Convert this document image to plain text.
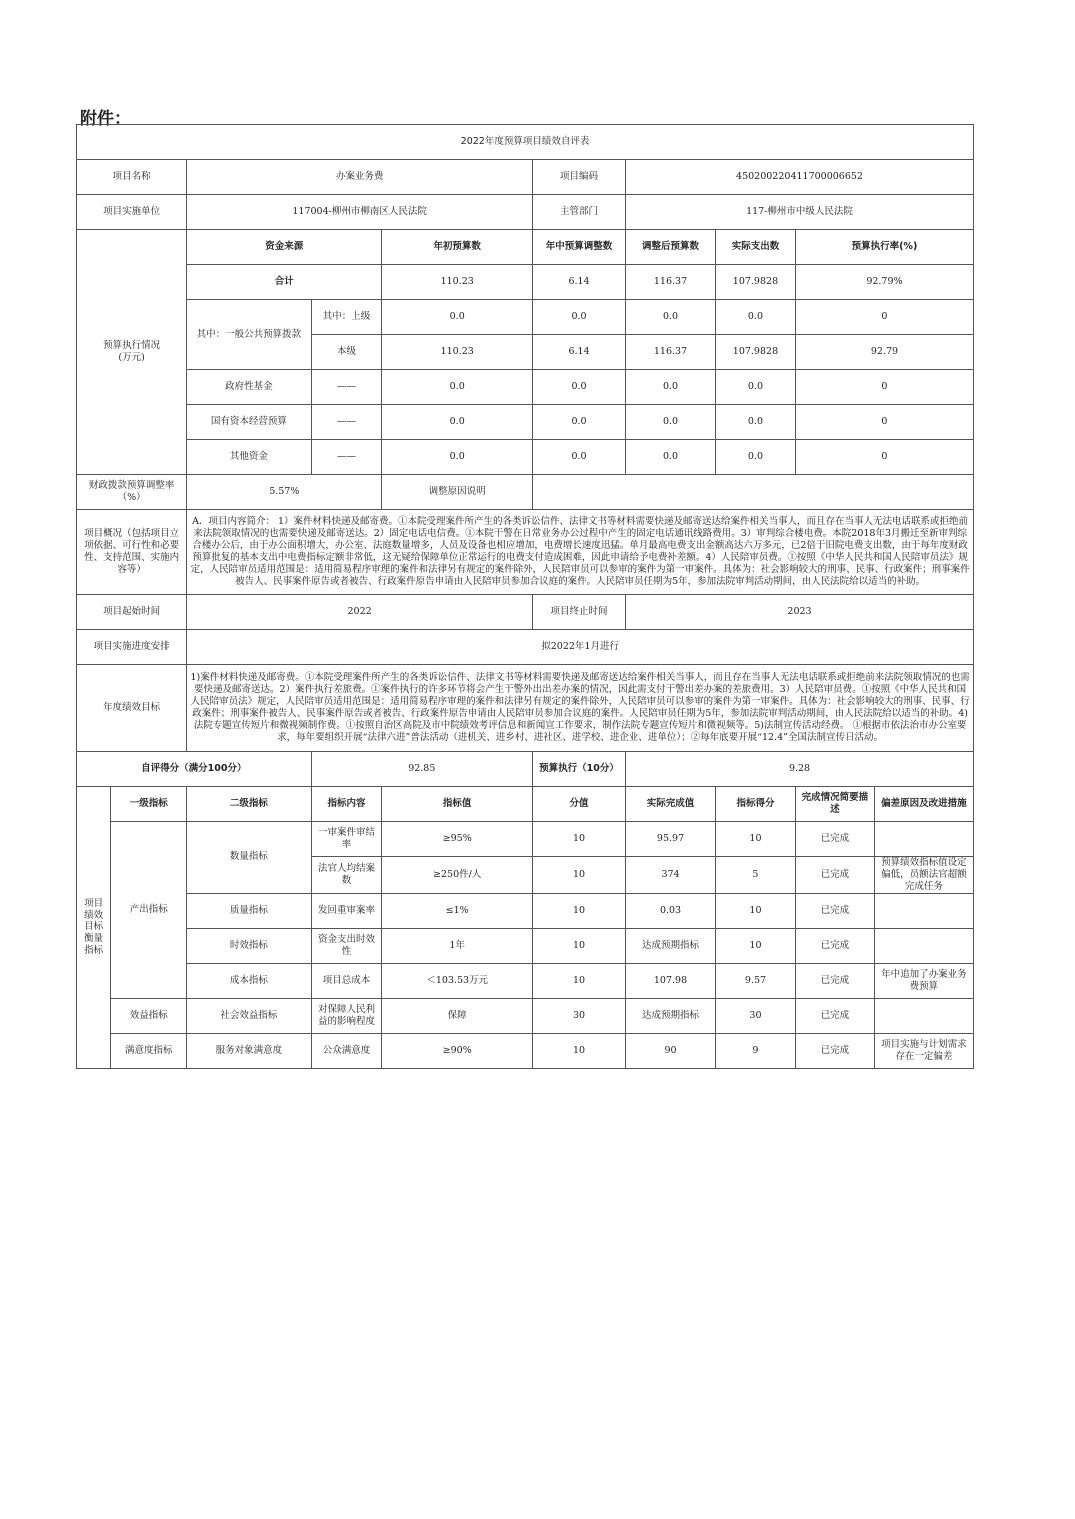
附件：
2022年度预算项目绩效自评表									
项目名称		办案业务费			项目编码	450200220411700006652			
项目实施单位		117004-柳州市柳南区人民法院			主管部门	117-柳州市中级人民法院			
预算执行情况
(万元)		资金来源		年初预算数	年中预算调整数	调整后预算数	实际支出数	预算执行率(%)	
		合计		110.23	6.14	116.37	107.9828	92.79%	
		其中：一般公共预算拨款	其中：上级	0.0	0.0	0.0	0.0	0	
			本级	110.23	6.14	116.37	107.9828	92.79	
		政府性基金	——	0.0	0.0	0.0	0.0	0	
		国有资本经营预算	——	0.0	0.0	0.0	0.0	0	
		其他资金	——	0.0	0.0	0.0	0.0	0	
财政拨款预算调整率（%）		5.57%		调整原因说明					
项目概况（包括项目立项依据、可行性和必要性、支持范围、实施内容等）		A．项目内容简介： 1）案件材料快递及邮寄费。①本院受理案件所产生的各类诉讼信件、法律文书等材料需要快递及邮寄送达给案件相关当事人，而且存在当事人无法电话联系或拒绝前来法院领取情况的也需要快递及邮寄送达。2）固定电话电信费。①本院干警在日常业务办公过程中产生的固定电话通讯线路费用。3）审判综合楼电费。本院2018年3月搬迁至新审判综合楼办公后，由于办公面积增大，办公室、法庭数量增多，人员及设备也相应增加，电费增长速度迅猛。单月最高电费支出金额高达六万多元，已2倍于旧院电费支出数，由于每年度财政预算批复的基本支出中电费指标定额非常低，这无疑给保障单位正常运行的电费支付造成困难，因此申请给予电费补差额。4）人民陪审员费。①按照《中华人民共和国人民陪审员法》规定，人民陪审员适用范围是：适用简易程序审理的案件和法律另有规定的案件除外，人民陪审员可以参审的案件为第一审案件。具体为：社会影响较大的刑事、民事、行政案件；刑事案件被告人、民事案件原告或者被告、行政案件原告申请由人民陪审员参加合议庭的案件。人民陪审员任期为5年，参加法院审判活动期间，由人民法院给以适当的补助。							
项目起始时间		2022			项目终止时间	2023			
项目实施进度安排		拟2022年1月进行							
年度绩效目标		1)案件材料快递及邮寄费。①本院受理案件所产生的各类诉讼信件、法律文书等材料需要快递及邮寄送达给案件相关当事人，而且存在当事人无法电话联系或拒绝前来法院领取情况的也需要快递及邮寄送达。2）案件执行差旅费。①案件执行的许多环节将会产生干警外出出差办案的情况，因此需支付干警出差办案的差旅费用。3）人民陪审员费。①按照《中华人民共和国人民陪审员法》规定，人民陪审员适用范围是：适用简易程序审理的案件和法律另有规定的案件除外，人民陪审员可以参审的案件为第一审案件。具体为：社会影响较大的刑事、民事、行政案件；刑事案件被告人、民事案件原告或者被告、行政案件原告申请由人民陪审员参加合议庭的案件。人民陪审员任期为5年，参加法院审判活动期间，由人民法院给以适当的补助。4)法院专题宣传短片和微视频制作费。①按照自治区高院及市中院绩效考评信息和新闻宣工作要求，制作法院专题宣传短片和微视频等。5)法制宣传活动经费。 ①根据市依法治市办公室要求，每年要组织开展“法律六进”普法活动（进机关、进乡村、进社区、进学校、进企业、进单位）；②每年底要开展“12.4”全国法制宣传日活动。							
自评得分（满分100分）			92.85		预算执行（10分）	9.28			
项目绩效目标衡量指标	一级指标	二级指标	指标内容	指标值	分值	实际完成值	指标得分	完成情况简要描述	偏差原因及改进措施
	产出指标	数量指标	一审案件审结率	≥95%	10	95.97	10	已完成	
			法官人均结案数	≥250件/人	10	374	5	已完成	预算绩效指标值设定偏低，员额法官超额完成任务
		质量指标	发回重审案率	≤1%	10	0.03	10	已完成	
		时效指标	资金支出时效性	1年	10	达成预期指标	10	已完成	
		成本指标	项目总成本	＜103.53万元	10	107.98	9.57	已完成	年中追加了办案业务费预算
	效益指标	社会效益指标	对保障人民利益的影响程度	保障	30	达成预期指标	30	已完成	
	满意度指标	服务对象满意度	公众满意度	≥90%	10	90	9	已完成	项目实施与计划需求存在一定偏差
